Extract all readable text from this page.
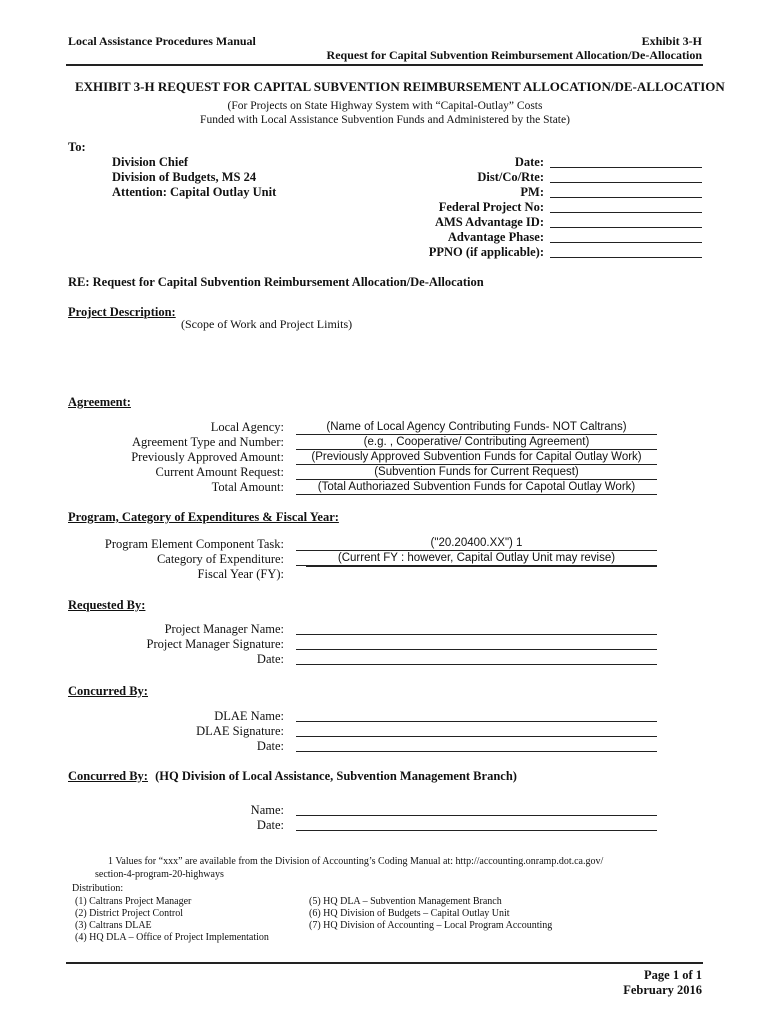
Local Assistance Procedures Manual	Exhibit 3-H
Request for Capital Subvention Reimbursement Allocation/De-Allocation
EXHIBIT 3-H REQUEST FOR CAPITAL SUBVENTION REIMBURSEMENT ALLOCATION/DE-ALLOCATION
(For Projects on State Highway System with “Capital-Outlay” Costs
Funded with Local Assistance Subvention Funds and Administered by the State)
To:
Division Chief
Division of Budgets, MS 24
Attention: Capital Outlay Unit
Date:
Dist/Co/Rte:
PM:
Federal Project No:
AMS Advantage ID:
Advantage Phase:
PPNO (if applicable):
RE: Request for Capital Subvention Reimbursement Allocation/De-Allocation
Project Description:
(Scope of Work and Project Limits)
Agreement:
Local Agency:	(Name of Local Agency Contributing Funds- NOT Caltrans)
Agreement Type and Number:	(e.g. , Cooperative/ Contributing Agreement)
Previously Approved Amount:	(Previously Approved Subvention Funds for Capital Outlay Work)
Current Amount Request:	(Subvention Funds for Current Request)
Total Amount:	(Total Authoriazed Subvention Funds for Capotal Outlay Work)
Program, Category of Expenditures & Fiscal Year:
Program Element Component Task:	("20.20400.XX") 1
Category of Expenditure:	(Current FY : however, Capital Outlay Unit may revise)
Fiscal Year (FY):
Requested By:
Project Manager Name:
Project Manager Signature:
Date:
Concurred By:
DLAE Name:
DLAE Signature:
Date:
Concurred By: (HQ Division of Local Assistance, Subvention Management Branch)
Name:
Date:
1 Values for “xxx” are available from the Division of Accounting’s Coding Manual at: http://accounting.onramp.dot.ca.gov/
section-4-program-20-highways
Distribution:
(1) Caltrans Project Manager
(2) District Project Control
(3) Caltrans DLAE
(4) HQ DLA – Office of Project Implementation
(5) HQ DLA – Subvention Management Branch
(6) HQ Division of Budgets – Capital Outlay Unit
(7) HQ Division of Accounting – Local Program Accounting
Page 1 of 1
February 2016
